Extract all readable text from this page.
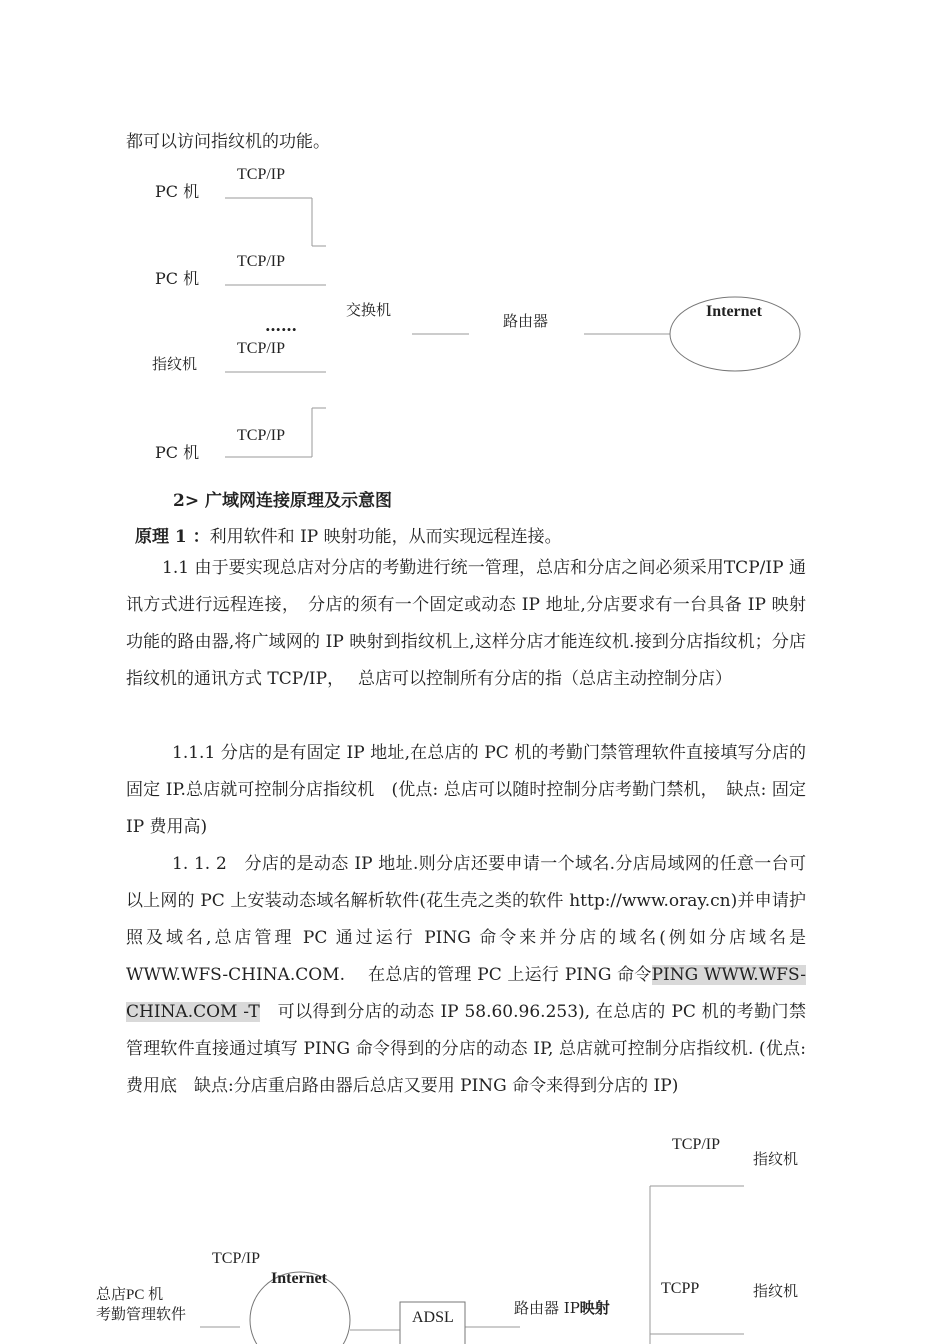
都可以访问指纹机的功能。
PC 机
TCP/IP
PC 机
TCP/IP
……
指纹机
TCP/IP
PC 机
TCP/IP
交换机
路由器
Internet
2> 广域网连接原理及示意图
原理 1 ：利用软件和 IP 映射功能，从而实现远程连接。
1.1 由于要实现总店对分店的考勤进行统一管理，总店和分店之间必须采用TCP/IP 通讯方式进行远程连接，　分店的须有一个固定或动态 IP 地址,分店要求有一台具备 IP 映射功能的路由器,将广域网的 IP 映射到指纹机上,这样分店才能连纹机.接到分店指纹机；分店指纹机的通讯方式 TCP/IP，　 总店可以控制所有分店的指（总店主动控制分店）
1.1.1 分店的是有固定 IP 地址,在总店的 PC 机的考勤门禁管理软件直接填写分店的固定 IP.总店就可控制分店指纹机　(优点: 总店可以随时控制分店考勤门禁机，　缺点: 固定 IP 费用高)
1. 1. 2　分店的是动态 IP 地址.则分店还要申请一个域名.分店局域网的任意一台可以上网的 PC 上安装动态域名解析软件(花生壳之类的软件 http://www.oray.cn)并申请护照及域名,总店管理 PC 通过运行 PING 命令来并分店的域名(例如分店域名是 WWW.WFS-CHINA.COM.　 在总店的管理 PC 上运行 PING 命令PING WWW.WFS-CHINA.COM -T　可以得到分店的动态 IP 58.60.96.253), 在总店的 PC 机的考勤门禁管理软件直接通过填写 PING 命令得到的分店的动态 IP, 总店就可控制分店指纹机. (优点: 费用底　缺点:分店重启路由器后总店又要用 PING 命令来得到分店的 IP)
TCP/IP
指纹机
TCP/IP
Internet
总店PC 机
考勤管理软件	ADSL
路由器 IP映射
TCPP	指纹机
